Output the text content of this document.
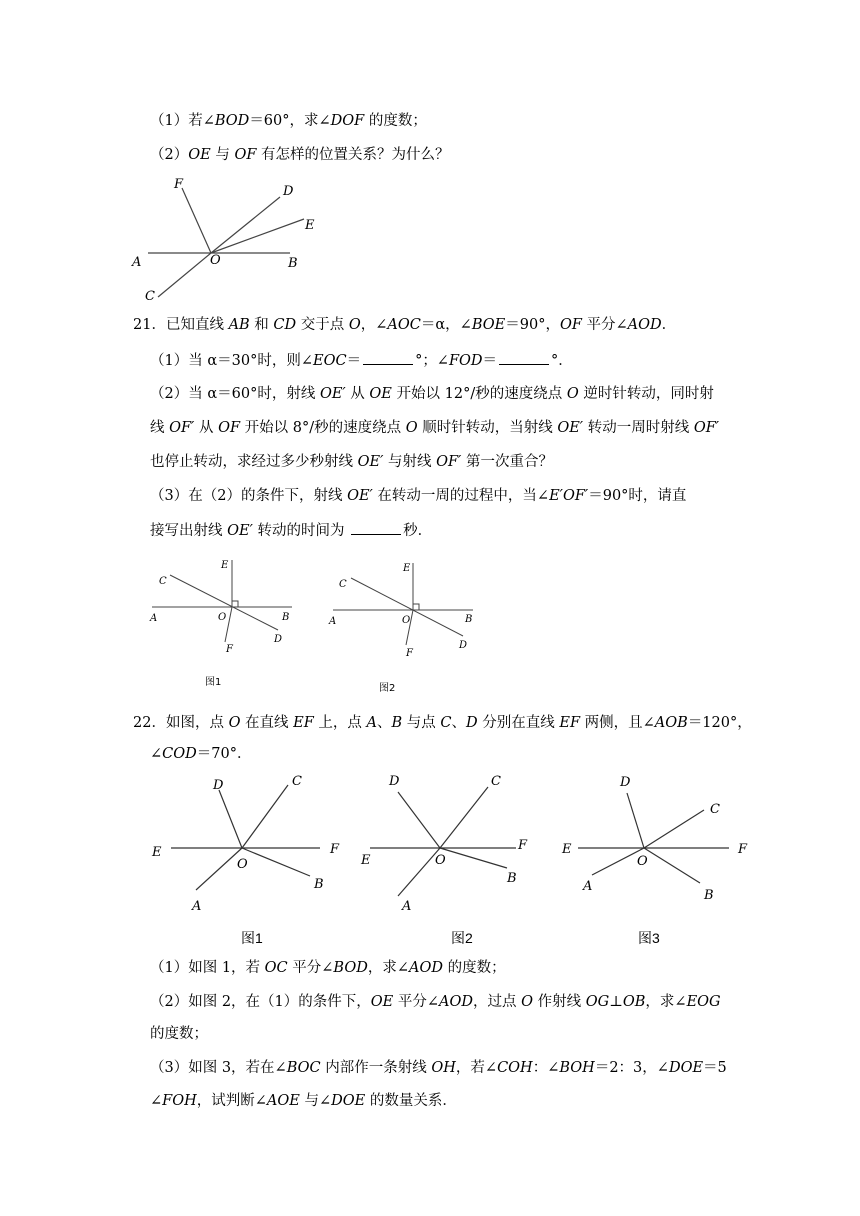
（1）若∠BOD＝60°，求∠DOF 的度数；
（2）OE 与 OF 有怎样的位置关系？为什么？
F	D
E
A	O	B
C
21．已知直线 AB 和 CD 交于点 O，∠AOC＝α，∠BOE＝90°，OF 平分∠AOD．
（1）当 α＝30°时，则∠EOC＝	°；∠FOD＝	°．
（2）当 α＝60°时，射线 OE′ 从 OE 开始以 12°/秒的速度绕点 O 逆时针转动，同时射
线 OF′ 从 OF 开始以 8°/秒的速度绕点 O 顺时针转动，当射线 OE′ 转动一周时射线 OF′
也停止转动，求经过多少秒射线 OE′ 与射线 OF′ 第一次重合？
（3）在（2）的条件下，射线 OE′ 在转动一周的过程中，当∠E′OF′＝90°时，请直
接写出射线 OE′ 转动的时间为	秒．
C
E
A	O	B
D
F
图1
C
E
A	O	B
D
F
图2
22．如图，点 O 在直线 EF 上，点 A、B 与点 C、D 分别在直线 EF 两侧，且∠AOB＝120°，
∠COD＝70°．
D	C
E	F
O
B
A
图1
D	C
E
F
O
B
A
图2
D
C
E	F
O
A
B
图3
（1）如图 1，若 OC 平分∠BOD，求∠AOD 的度数；
（2）如图 2，在（1）的条件下，OE 平分∠AOD，过点 O 作射线 OG⊥OB，求∠EOG
的度数；
（3）如图 3，若在∠BOC 内部作一条射线 OH，若∠COH：∠BOH＝2：3，∠DOE＝5
∠FOH，试判断∠AOE 与∠DOE 的数量关系．
